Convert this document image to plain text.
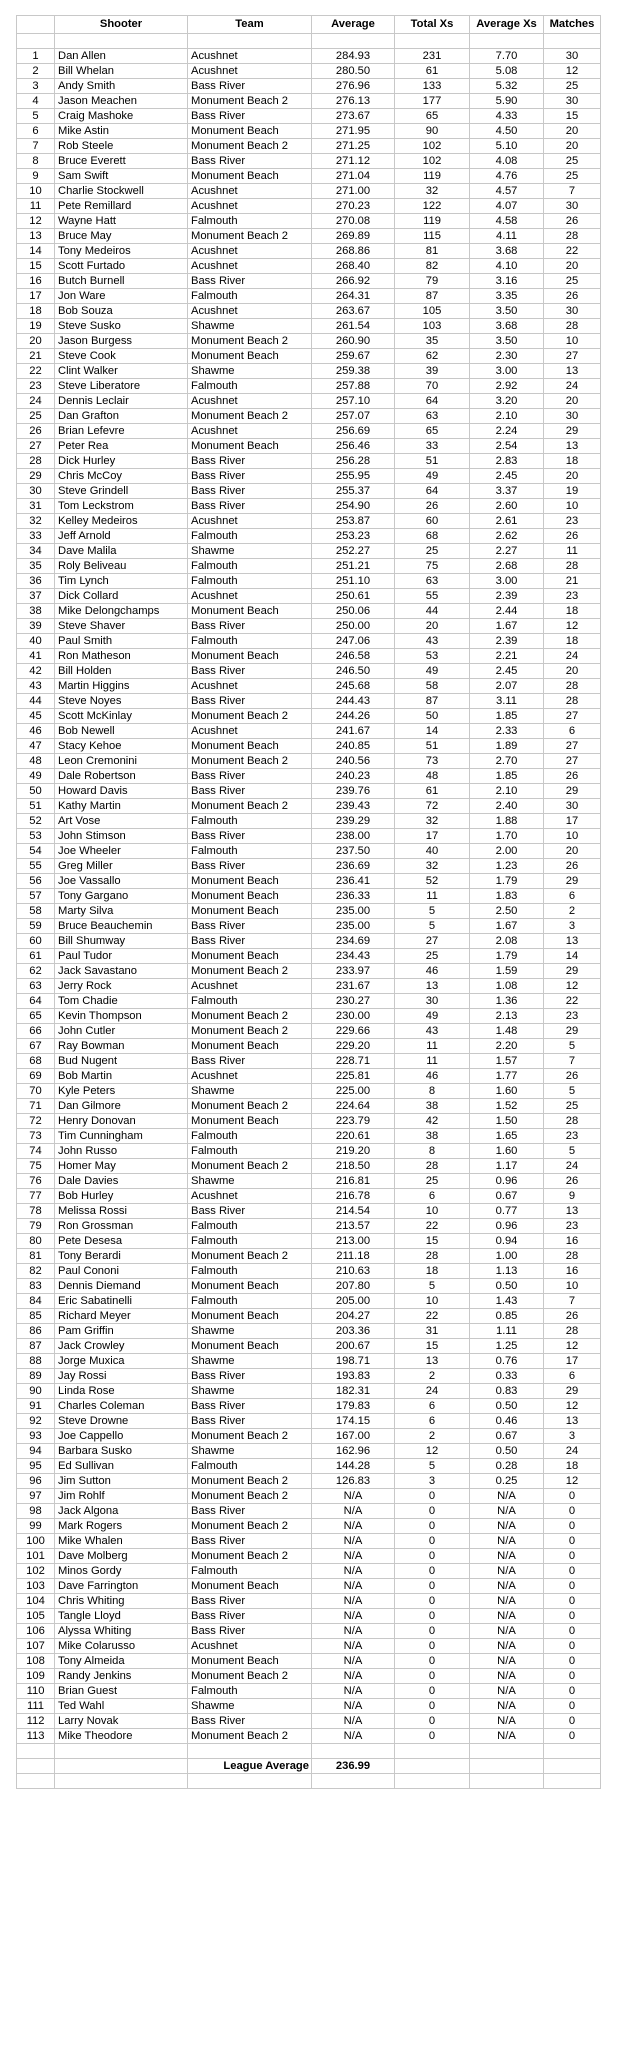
	Shooter	Team	Average	Total Xs	Average Xs	Matches

1	Dan Allen	Acushnet	284.93	231	7.70	30
2	Bill Whelan	Acushnet	280.50	61	5.08	12
3	Andy Smith	Bass River	276.96	133	5.32	25
4	Jason Meachen	Monument Beach 2	276.13	177	5.90	30
5	Craig Mashoke	Bass River	273.67	65	4.33	15
6	Mike Astin	Monument Beach	271.95	90	4.50	20
7	Rob Steele	Monument Beach 2	271.25	102	5.10	20
8	Bruce Everett	Bass River	271.12	102	4.08	25
9	Sam Swift	Monument Beach	271.04	119	4.76	25
10	Charlie Stockwell	Acushnet	271.00	32	4.57	7
11	Pete Remillard	Acushnet	270.23	122	4.07	30
12	Wayne Hatt	Falmouth	270.08	119	4.58	26
13	Bruce May	Monument Beach 2	269.89	115	4.11	28
14	Tony Medeiros	Acushnet	268.86	81	3.68	22
15	Scott Furtado	Acushnet	268.40	82	4.10	20
16	Butch Burnell	Bass River	266.92	79	3.16	25
17	Jon Ware	Falmouth	264.31	87	3.35	26
18	Bob Souza	Acushnet	263.67	105	3.50	30
19	Steve Susko	Shawme	261.54	103	3.68	28
20	Jason Burgess	Monument Beach 2	260.90	35	3.50	10
21	Steve Cook	Monument Beach	259.67	62	2.30	27
22	Clint Walker	Shawme	259.38	39	3.00	13
23	Steve Liberatore	Falmouth	257.88	70	2.92	24
24	Dennis Leclair	Acushnet	257.10	64	3.20	20
25	Dan Grafton	Monument Beach 2	257.07	63	2.10	30
26	Brian Lefevre	Acushnet	256.69	65	2.24	29
27	Peter Rea	Monument Beach	256.46	33	2.54	13
28	Dick Hurley	Bass River	256.28	51	2.83	18
29	Chris McCoy	Bass River	255.95	49	2.45	20
30	Steve Grindell	Bass River	255.37	64	3.37	19
31	Tom Leckstrom	Bass River	254.90	26	2.60	10
32	Kelley Medeiros	Acushnet	253.87	60	2.61	23
33	Jeff Arnold	Falmouth	253.23	68	2.62	26
34	Dave Malila	Shawme	252.27	25	2.27	11
35	Roly Beliveau	Falmouth	251.21	75	2.68	28
36	Tim Lynch	Falmouth	251.10	63	3.00	21
37	Dick Collard	Acushnet	250.61	55	2.39	23
38	Mike Delongchamps	Monument Beach	250.06	44	2.44	18
39	Steve Shaver	Bass River	250.00	20	1.67	12
40	Paul Smith	Falmouth	247.06	43	2.39	18
41	Ron Matheson	Monument Beach	246.58	53	2.21	24
42	Bill Holden	Bass River	246.50	49	2.45	20
43	Martin Higgins	Acushnet	245.68	58	2.07	28
44	Steve Noyes	Bass River	244.43	87	3.11	28
45	Scott McKinlay	Monument Beach 2	244.26	50	1.85	27
46	Bob Newell	Acushnet	241.67	14	2.33	6
47	Stacy Kehoe	Monument Beach	240.85	51	1.89	27
48	Leon Cremonini	Monument Beach 2	240.56	73	2.70	27
49	Dale Robertson	Bass River	240.23	48	1.85	26
50	Howard Davis	Bass River	239.76	61	2.10	29
51	Kathy Martin	Monument Beach 2	239.43	72	2.40	30
52	Art Vose	Falmouth	239.29	32	1.88	17
53	John Stimson	Bass River	238.00	17	1.70	10
54	Joe Wheeler	Falmouth	237.50	40	2.00	20
55	Greg Miller	Bass River	236.69	32	1.23	26
56	Joe Vassallo	Monument Beach	236.41	52	1.79	29
57	Tony Gargano	Monument Beach	236.33	11	1.83	6
58	Marty Silva	Monument Beach	235.00	5	2.50	2
59	Bruce Beauchemin	Bass River	235.00	5	1.67	3
60	Bill Shumway	Bass River	234.69	27	2.08	13
61	Paul Tudor	Monument Beach	234.43	25	1.79	14
62	Jack Savastano	Monument Beach 2	233.97	46	1.59	29
63	Jerry Rock	Acushnet	231.67	13	1.08	12
64	Tom Chadie	Falmouth	230.27	30	1.36	22
65	Kevin Thompson	Monument Beach 2	230.00	49	2.13	23
66	John Cutler	Monument Beach 2	229.66	43	1.48	29
67	Ray Bowman	Monument Beach	229.20	11	2.20	5
68	Bud Nugent	Bass River	228.71	11	1.57	7
69	Bob Martin	Acushnet	225.81	46	1.77	26
70	Kyle Peters	Shawme	225.00	8	1.60	5
71	Dan Gilmore	Monument Beach 2	224.64	38	1.52	25
72	Henry Donovan	Monument Beach	223.79	42	1.50	28
73	Tim Cunningham	Falmouth	220.61	38	1.65	23
74	John Russo	Falmouth	219.20	8	1.60	5
75	Homer May	Monument Beach 2	218.50	28	1.17	24
76	Dale Davies	Shawme	216.81	25	0.96	26
77	Bob Hurley	Acushnet	216.78	6	0.67	9
78	Melissa Rossi	Bass River	214.54	10	0.77	13
79	Ron Grossman	Falmouth	213.57	22	0.96	23
80	Pete Desesa	Falmouth	213.00	15	0.94	16
81	Tony Berardi	Monument Beach 2	211.18	28	1.00	28
82	Paul Cononi	Falmouth	210.63	18	1.13	16
83	Dennis Diemand	Monument Beach	207.80	5	0.50	10
84	Eric Sabatinelli	Falmouth	205.00	10	1.43	7
85	Richard Meyer	Monument Beach	204.27	22	0.85	26
86	Pam Griffin	Shawme	203.36	31	1.11	28
87	Jack Crowley	Monument Beach	200.67	15	1.25	12
88	Jorge Muxica	Shawme	198.71	13	0.76	17
89	Jay Rossi	Bass River	193.83	2	0.33	6
90	Linda Rose	Shawme	182.31	24	0.83	29
91	Charles Coleman	Bass River	179.83	6	0.50	12
92	Steve Drowne	Bass River	174.15	6	0.46	13
93	Joe Cappello	Monument Beach 2	167.00	2	0.67	3
94	Barbara Susko	Shawme	162.96	12	0.50	24
95	Ed Sullivan	Falmouth	144.28	5	0.28	18
96	Jim Sutton	Monument Beach 2	126.83	3	0.25	12
97	Jim Rohlf	Monument Beach 2	N/A	0	N/A	0
98	Jack Algona	Bass River	N/A	0	N/A	0
99	Mark Rogers	Monument Beach 2	N/A	0	N/A	0
100	Mike Whalen	Bass River	N/A	0	N/A	0
101	Dave Molberg	Monument Beach 2	N/A	0	N/A	0
102	Minos Gordy	Falmouth	N/A	0	N/A	0
103	Dave Farrington	Monument Beach	N/A	0	N/A	0
104	Chris Whiting	Bass River	N/A	0	N/A	0
105	Tangle Lloyd	Bass River	N/A	0	N/A	0
106	Alyssa Whiting	Bass River	N/A	0	N/A	0
107	Mike Colarusso	Acushnet	N/A	0	N/A	0
108	Tony Almeida	Monument Beach	N/A	0	N/A	0
109	Randy Jenkins	Monument Beach 2	N/A	0	N/A	0
110	Brian Guest	Falmouth	N/A	0	N/A	0
111	Ted Wahl	Shawme	N/A	0	N/A	0
112	Larry Novak	Bass River	N/A	0	N/A	0
113	Mike Theodore	Monument Beach 2	N/A	0	N/A	0

		League Average	236.99			
